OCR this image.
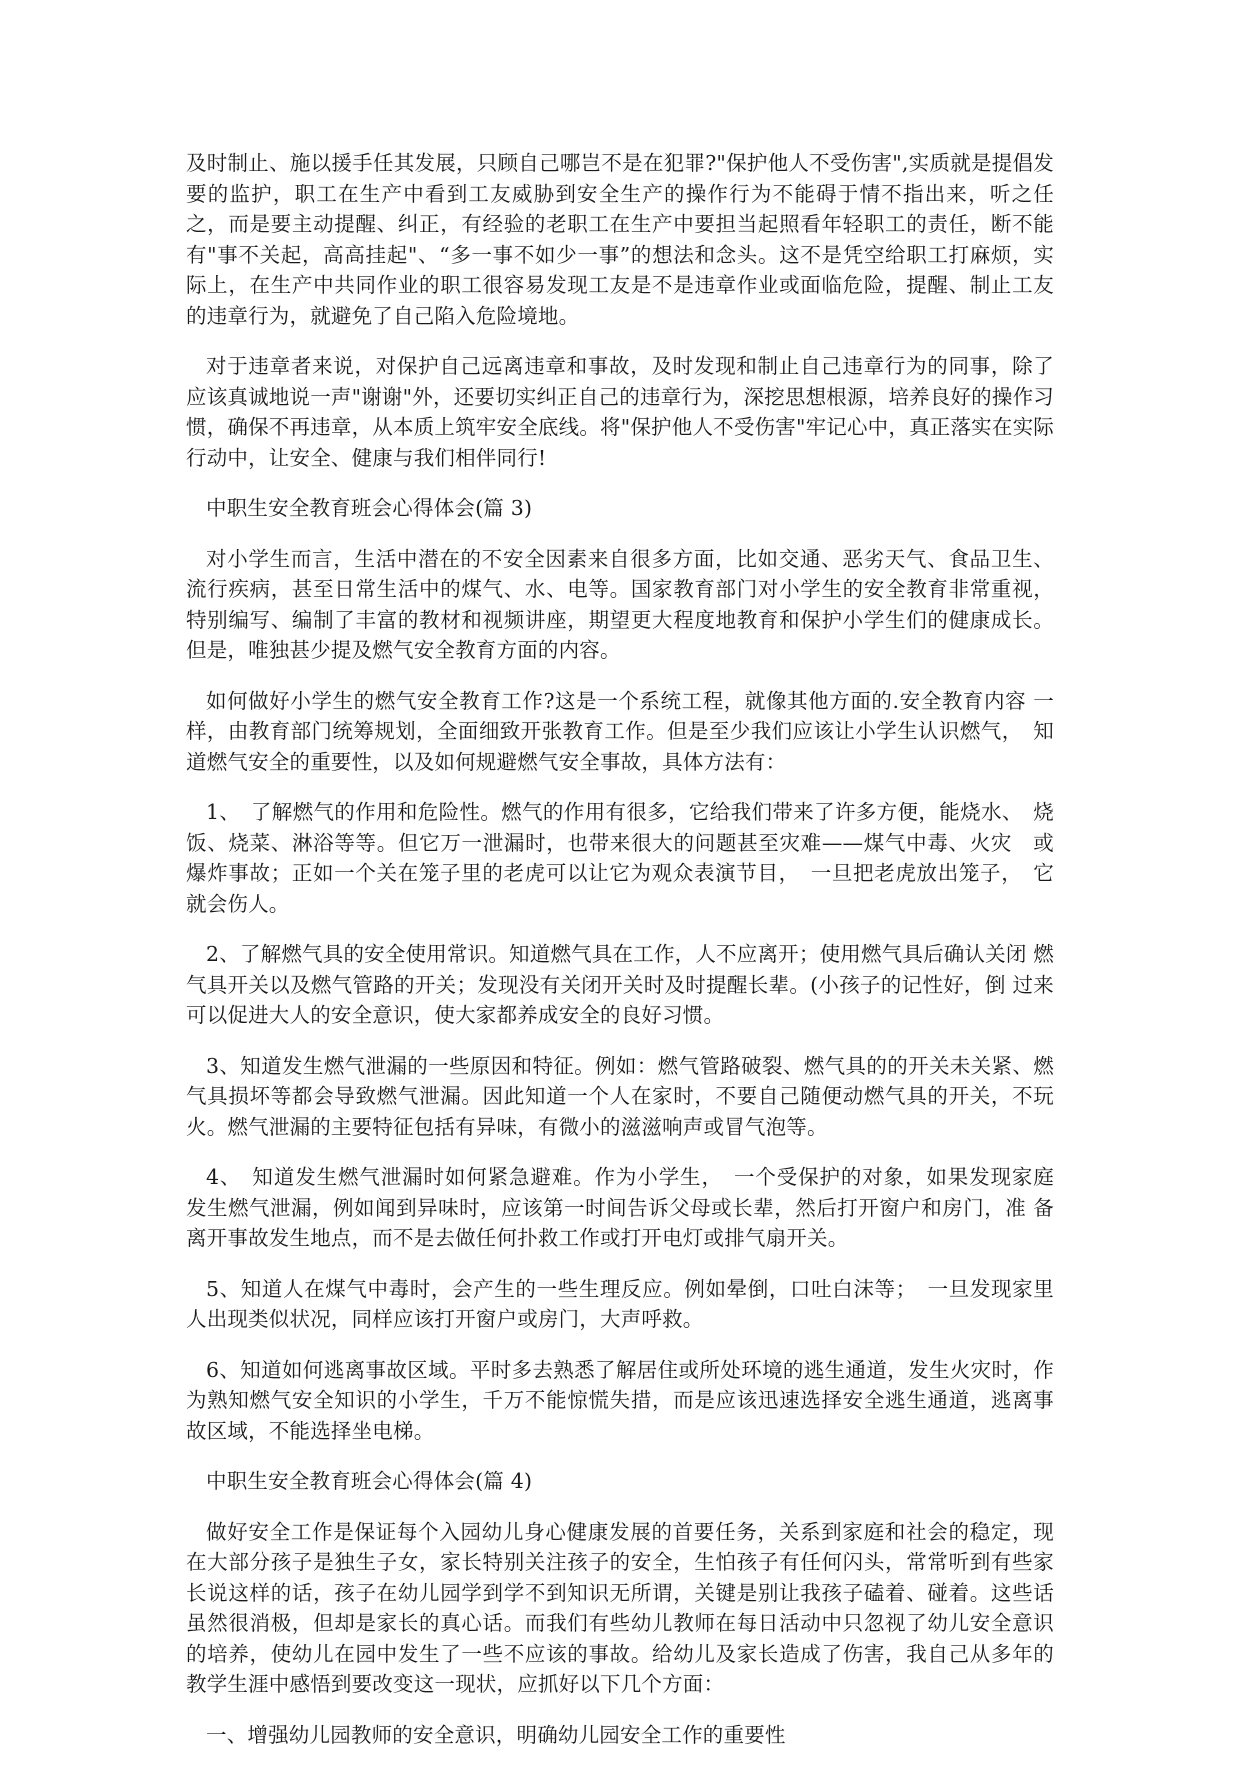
及时制止、施以援手任其发展，只顾自己哪岂不是在犯罪?"保护他人不受伤害",实质就是提倡发要的监护，职工在生产中看到工友威胁到安全生产的操作行为不能碍于情不指出来，听之任之，而是要主动提醒、纠正，有经验的老职工在生产中要担当起照看年轻职工的责任，断不能有"事不关起，高高挂起"、“多一事不如少一事”的想法和念头。这不是凭空给职工打麻烦，实际上，在生产中共同作业的职工很容易发现工友是不是违章作业或面临危险，提醒、制止工友的违章行为，就避免了自己陷入危险境地。

对于违章者来说，对保护自己远离违章和事故，及时发现和制止自己违章行为的同事，除了应该真诚地说一声"谢谢"外，还要切实纠正自己的违章行为，深挖思想根源，培养良好的操作习惯，确保不再违章，从本质上筑牢安全底线。将"保护他人不受伤害"牢记心中，真正落实在实际行动中，让安全、健康与我们相伴同行!

中职生安全教育班会心得体会(篇 3)

对小学生而言，生活中潜在的不安全因素来自很多方面，比如交通、恶劣天气、食品卫生、流行疾病，甚至日常生活中的煤气、水、电等。国家教育部门对小学生的安全教育非常重视，特别编写、编制了丰富的教材和视频讲座，期望更大程度地教育和保护小学生们的健康成长。但是，唯独甚少提及燃气安全教育方面的内容。

如何做好小学生的燃气安全教育工作?这是一个系统工程，就像其他方面的.安全教育内容 一样，由教育部门统筹规划，全面细致开张教育工作。但是至少我们应该让小学生认识燃气，　知道燃气安全的重要性，以及如何规避燃气安全事故，具体方法有：

1、　了解燃气的作用和危险性。燃气的作用有很多，它给我们带来了许多方便，能烧水、　烧饭、烧菜、淋浴等等。但它万一泄漏时，也带来很大的问题甚至灾难——煤气中毒、火灾　或爆炸事故；正如一个关在笼子里的老虎可以让它为观众表演节目，　一旦把老虎放出笼子，　它就会伤人。

2、了解燃气具的安全使用常识。知道燃气具在工作，人不应离开；使用燃气具后确认关闭 燃气具开关以及燃气管路的开关；发现没有关闭开关时及时提醒长辈。(小孩子的记性好，倒 过来可以促进大人的安全意识，使大家都养成安全的良好习惯。

3、知道发生燃气泄漏的一些原因和特征。例如：燃气管路破裂、燃气具的的开关未关紧、燃气具损坏等都会导致燃气泄漏。因此知道一个人在家时，不要自己随便动燃气具的开关，不玩火。燃气泄漏的主要特征包括有异味，有微小的滋滋响声或冒气泡等。

4、　知道发生燃气泄漏时如何紧急避难。作为小学生，　一个受保护的对象，如果发现家庭 发生燃气泄漏，例如闻到异味时，应该第一时间告诉父母或长辈，然后打开窗户和房门，准 备离开事故发生地点，而不是去做任何扑救工作或打开电灯或排气扇开关。

5、知道人在煤气中毒时，会产生的一些生理反应。例如晕倒，口吐白沫等；　一旦发现家里 人出现类似状况，同样应该打开窗户或房门，大声呼救。

6、知道如何逃离事故区域。平时多去熟悉了解居住或所处环境的逃生通道，发生火灾时，作为熟知燃气安全知识的小学生，千万不能惊慌失措，而是应该迅速选择安全逃生通道，逃离事故区域，不能选择坐电梯。

中职生安全教育班会心得体会(篇 4)

做好安全工作是保证每个入园幼儿身心健康发展的首要任务，关系到家庭和社会的稳定，现在大部分孩子是独生子女，家长特别关注孩子的安全，生怕孩子有任何闪头，常常听到有些家长说这样的话，孩子在幼儿园学到学不到知识无所谓，关键是别让我孩子磕着、碰着。这些话虽然很消极，但却是家长的真心话。而我们有些幼儿教师在每日活动中只忽视了幼儿安全意识的培养，使幼儿在园中发生了一些不应该的事故。给幼儿及家长造成了伤害，我自己从多年的教学生涯中感悟到要改变这一现状，应抓好以下几个方面：

一、增强幼儿园教师的安全意识，明确幼儿园安全工作的重要性
